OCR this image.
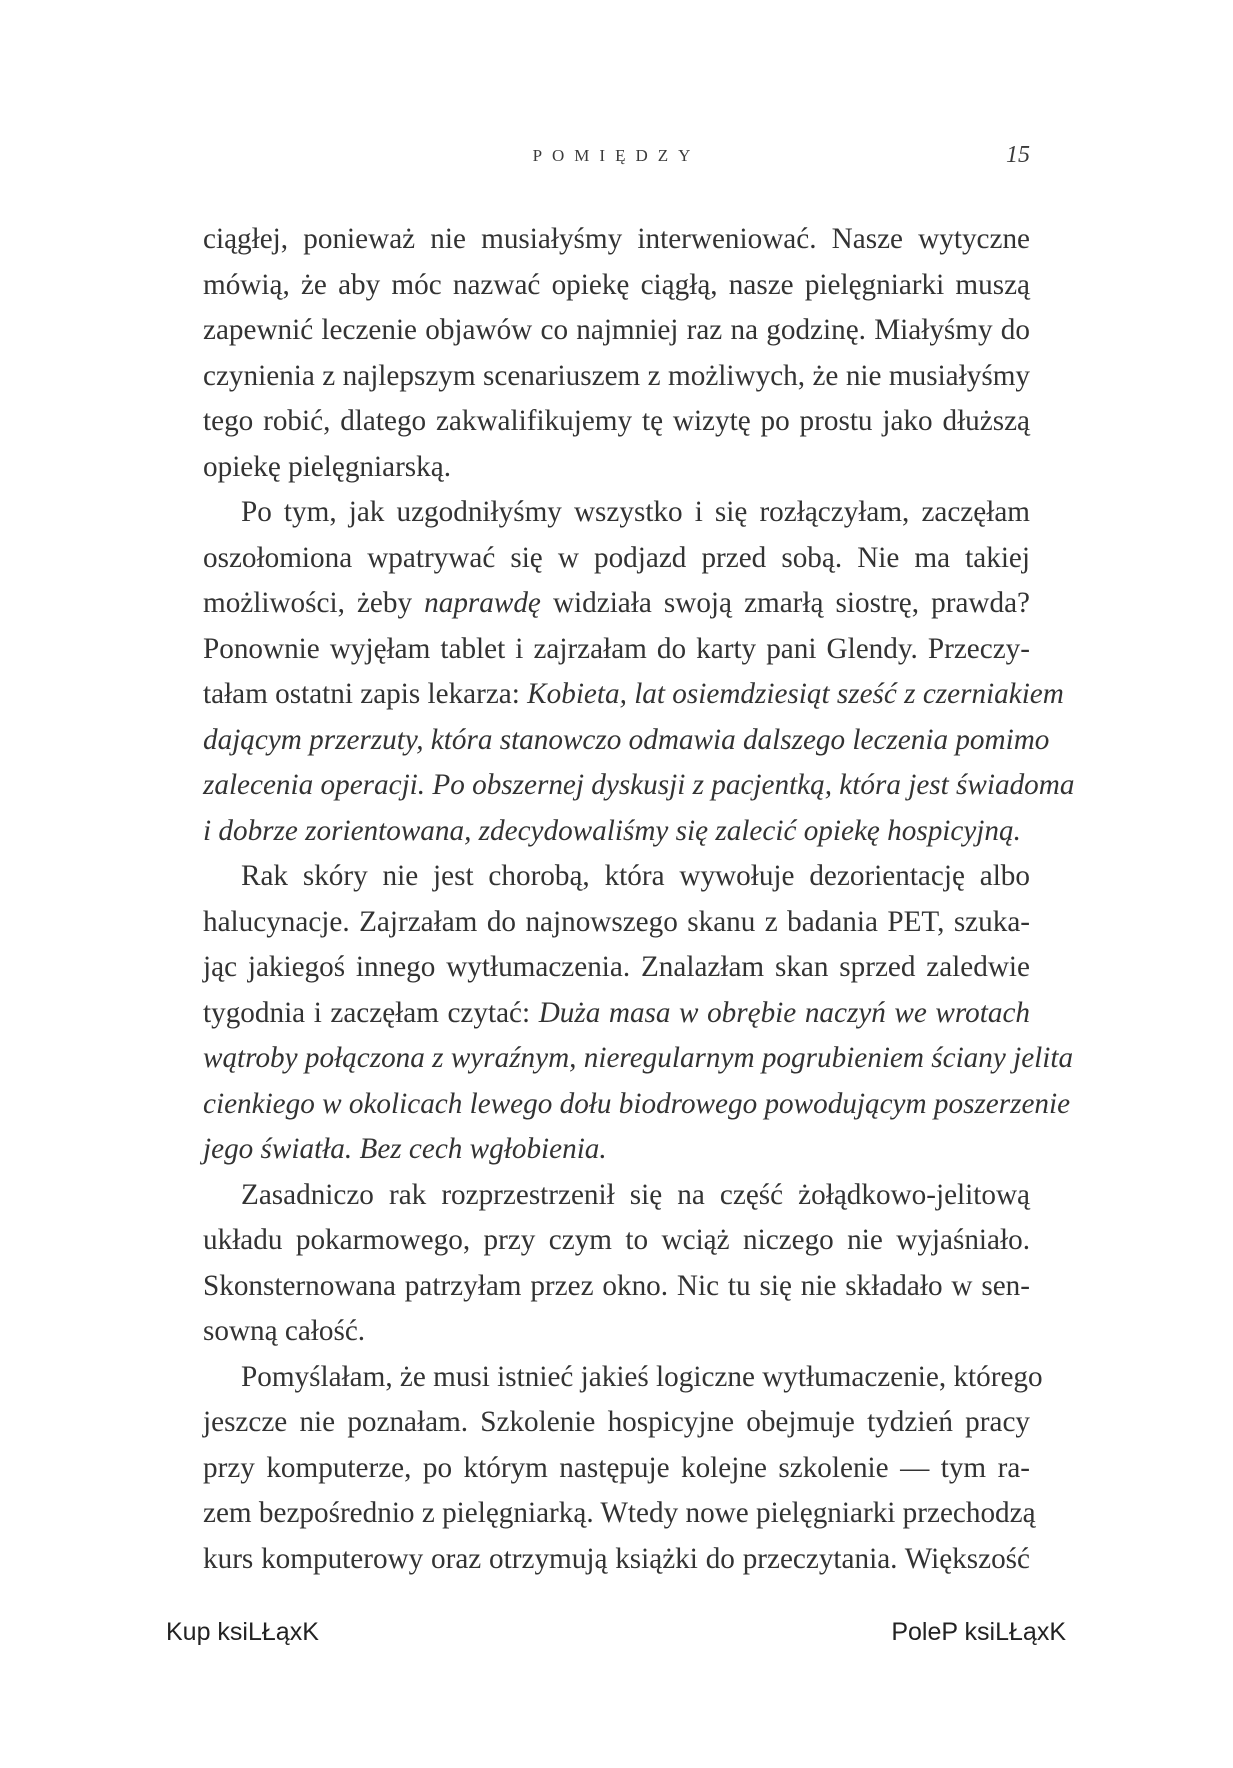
POMIĘDZY	15
ciągłej, ponieważ nie musiałyśmy interweniować. Nasze wytyczne
mówią, że aby móc nazwać opiekę ciągłą, nasze pielęgniarki muszą
zapewnić leczenie objawów co najmniej raz na godzinę. Miałyśmy do
czynienia z najlepszym scenariuszem z możliwych, że nie musiałyśmy
tego robić, dlatego zakwalifikujemy tę wizytę po prostu jako dłuższą
opiekę pielęgniarską.
Po tym, jak uzgodniłyśmy wszystko i się rozłączyłam, zaczęłam
oszołomiona wpatrywać się w podjazd przed sobą. Nie ma takiej
możliwości, żeby naprawdę widziała swoją zmarłą siostrę, prawda?
Ponownie wyjęłam tablet i zajrzałam do karty pani Glendy. Przeczy-
tałam ostatni zapis lekarza: Kobieta, lat osiemdziesiąt sześć z czerniakiem
dającym przerzuty, która stanowczo odmawia dalszego leczenia pomimo
zalecenia operacji. Po obszernej dyskusji z pacjentką, która jest świadoma
i dobrze zorientowana, zdecydowaliśmy się zalecić opiekę hospicyjną.
Rak skóry nie jest chorobą, która wywołuje dezorientację albo
halucynacje. Zajrzałam do najnowszego skanu z badania PET, szuka-
jąc jakiegoś innego wytłumaczenia. Znalazłam skan sprzed zaledwie
tygodnia i zaczęłam czytać: Duża masa w obrębie naczyń we wrotach
wątroby połączona z wyraźnym, nieregularnym pogrubieniem ściany jelita
cienkiego w okolicach lewego dołu biodrowego powodującym poszerzenie
jego światła. Bez cech wgłobienia.
Zasadniczo rak rozprzestrzenił się na część żołądkowo-jelitową
układu pokarmowego, przy czym to wciąż niczego nie wyjaśniało.
Skonsternowana patrzyłam przez okno. Nic tu się nie składało w sen-
sowną całość.
Pomyślałam, że musi istnieć jakieś logiczne wytłumaczenie, którego
jeszcze nie poznałam. Szkolenie hospicyjne obejmuje tydzień pracy
przy komputerze, po którym następuje kolejne szkolenie — tym ra-
zem bezpośrednio z pielęgniarką. Wtedy nowe pielęgniarki przechodzą
kurs komputerowy oraz otrzymują książki do przeczytania. Większość
Kup ksiLŁąxK	PoleP ksiLŁąxK
